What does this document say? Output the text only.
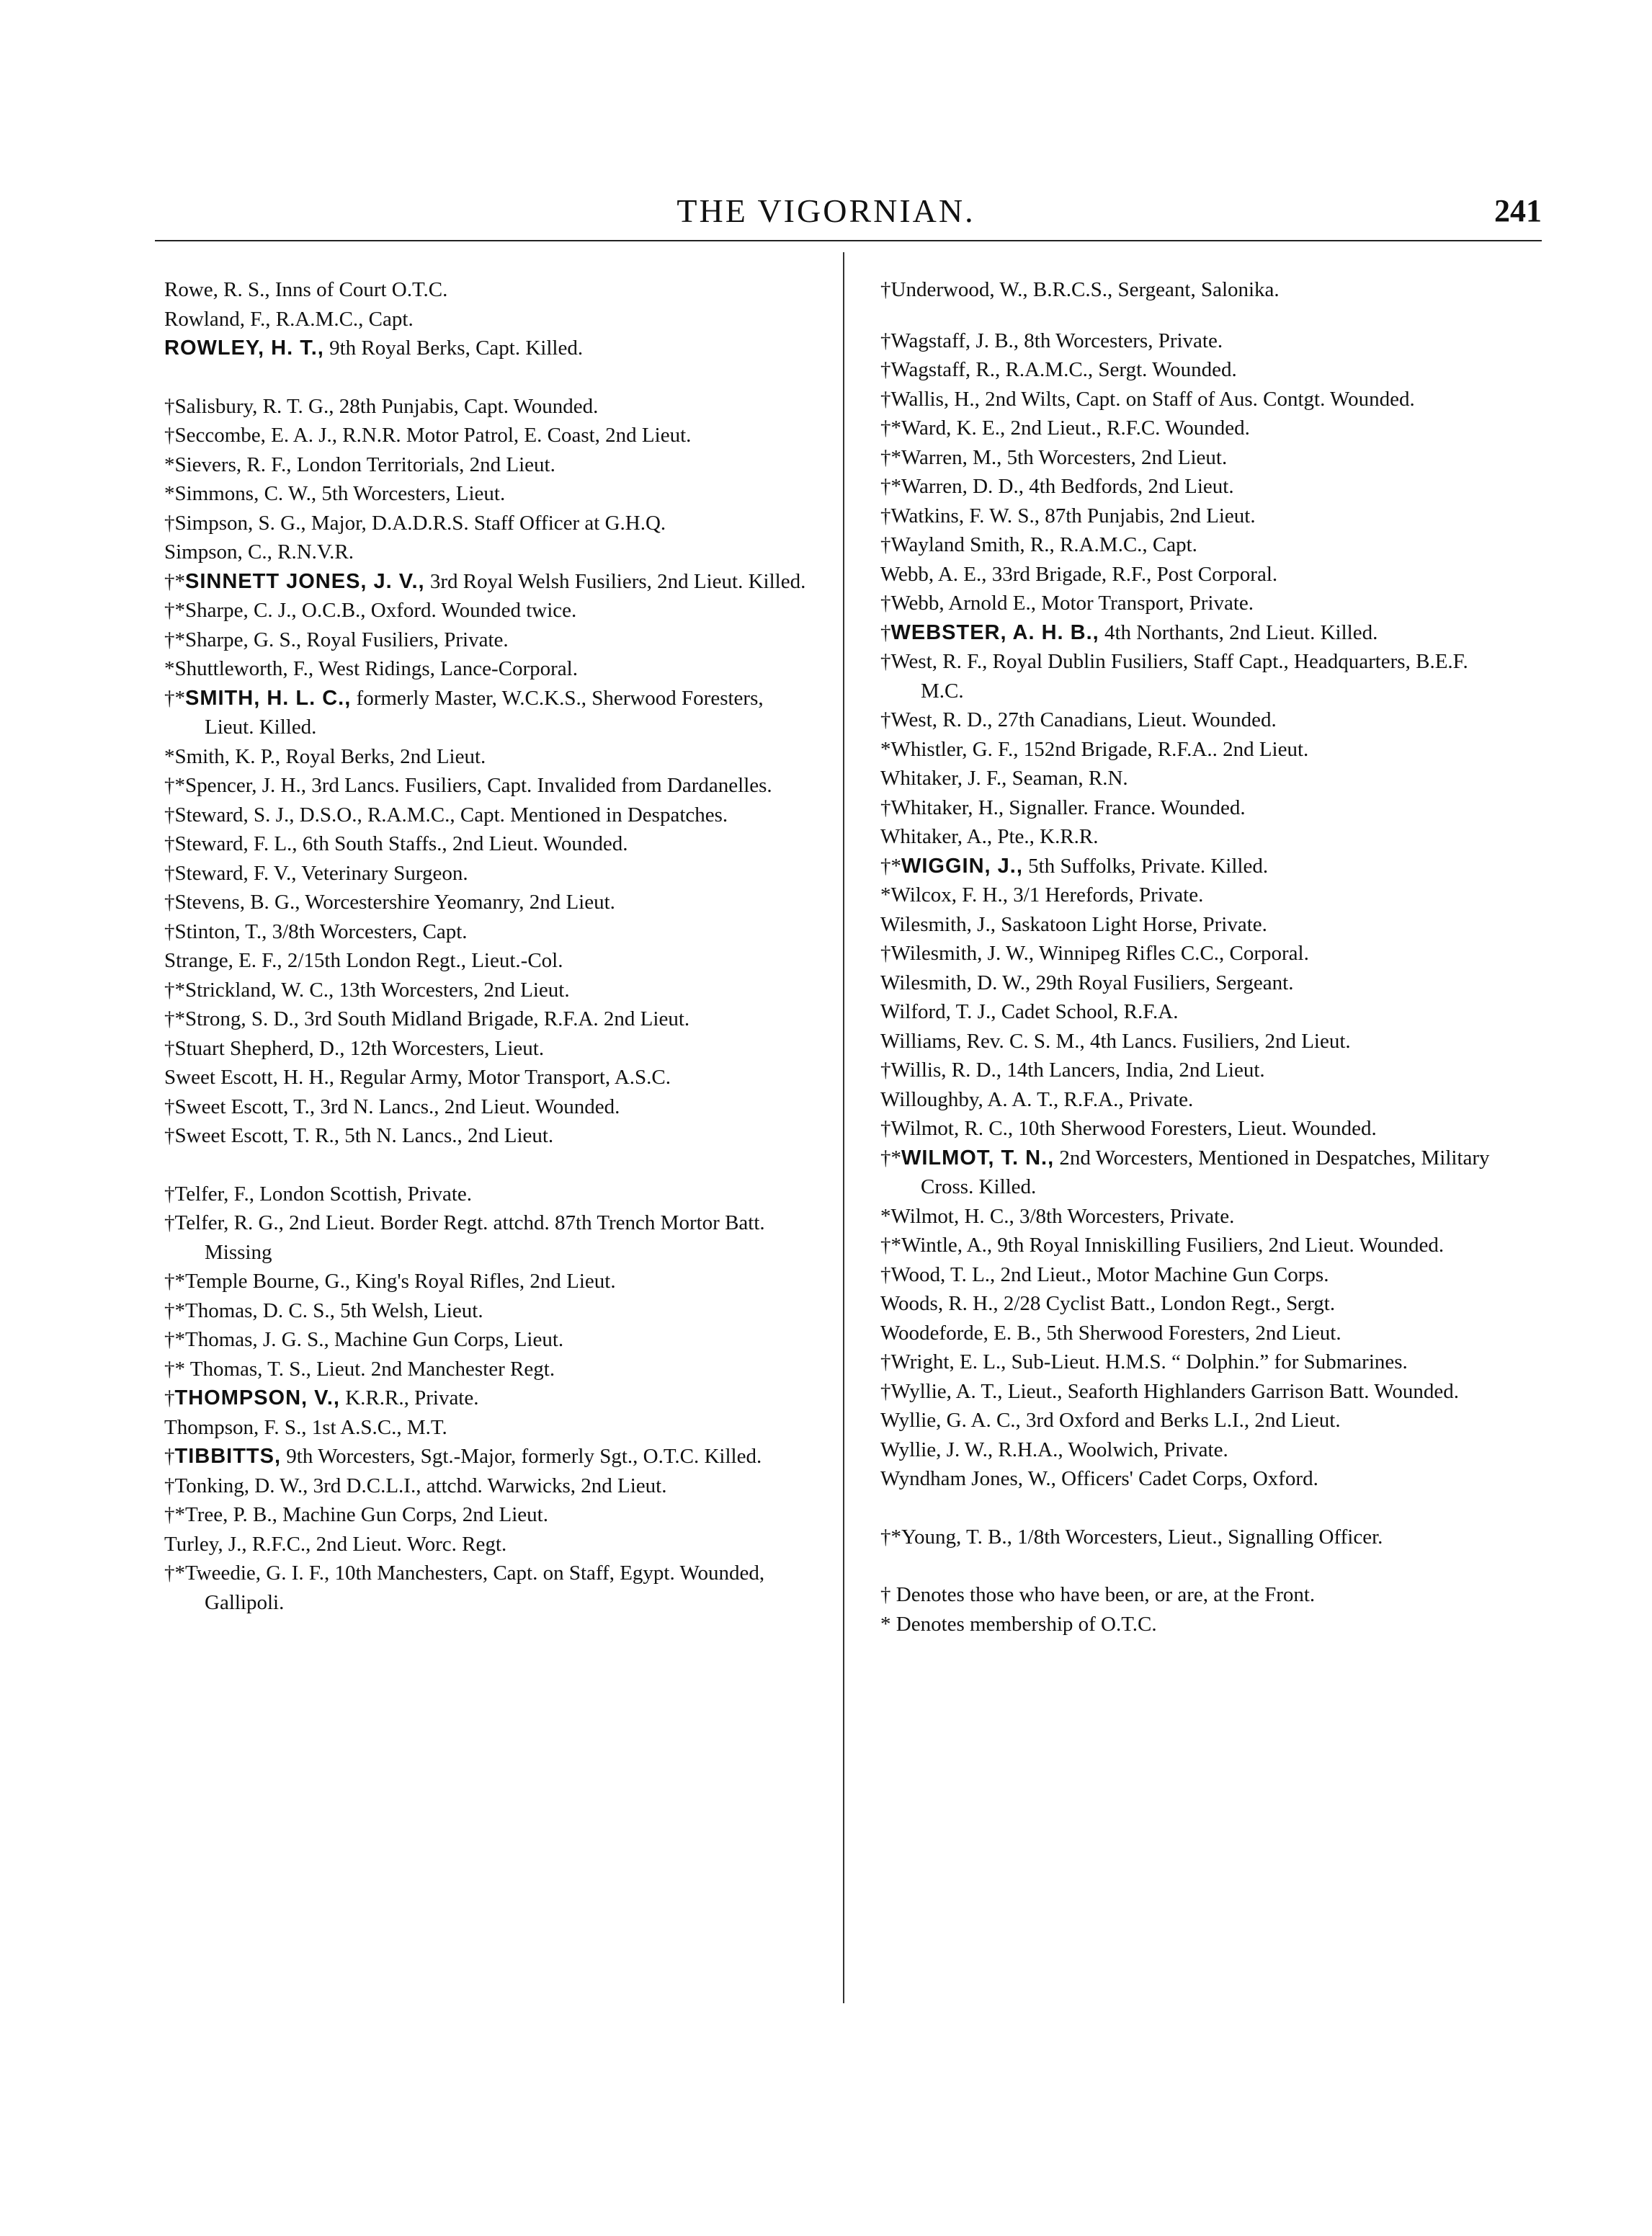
THE VIGORNIAN.	241

Rowe, R. S., Inns of Court O.T.C.

Rowland, F., R.A.M.C., Capt.

ROWLEY, H. T., 9th Royal Berks, Capt. Killed.

†Salisbury, R. T. G., 28th Punjabis, Capt. Wounded.

†Seccombe, E. A. J., R.N.R. Motor Patrol, E. Coast, 2nd Lieut.

*Sievers, R. F., London Territorials, 2nd Lieut.

*Simmons, C. W., 5th Worcesters, Lieut.

†Simpson, S. G., Major, D.A.D.R.S. Staff Officer at G.H.Q.

Simpson, C., R.N.V.R.

†*SINNETT JONES, J. V., 3rd Royal Welsh Fusiliers, 2nd Lieut. Killed.

†*Sharpe, C. J., O.C.B., Oxford. Wounded twice.

†*Sharpe, G. S., Royal Fusiliers, Private.

*Shuttleworth, F., West Ridings, Lance-Corporal.

†*SMITH, H. L. C., formerly Master, W.C.K.S., Sherwood Foresters, Lieut. Killed.

*Smith, K. P., Royal Berks, 2nd Lieut.

†*Spencer, J. H., 3rd Lancs. Fusiliers, Capt. Invalided from Dardanelles.

†Steward, S. J., D.S.O., R.A.M.C., Capt. Mentioned in Despatches.

†Steward, F. L., 6th South Staffs., 2nd Lieut. Wounded.

†Steward, F. V., Veterinary Surgeon.

†Stevens, B. G., Worcestershire Yeomanry, 2nd Lieut.

†Stinton, T., 3/8th Worcesters, Capt.

Strange, E. F., 2/15th London Regt., Lieut.-Col.

†*Strickland, W. C., 13th Worcesters, 2nd Lieut.

†*Strong, S. D., 3rd South Midland Brigade, R.F.A. 2nd Lieut.

†Stuart Shepherd, D., 12th Worcesters, Lieut.

Sweet Escott, H. H., Regular Army, Motor Transport, A.S.C.

†Sweet Escott, T., 3rd N. Lancs., 2nd Lieut. Wounded.

†Sweet Escott, T. R., 5th N. Lancs., 2nd Lieut.

†Telfer, F., London Scottish, Private.

†Telfer, R. G., 2nd Lieut. Border Regt. attchd. 87th Trench Mortor Batt. Missing

†*Temple Bourne, G., King's Royal Rifles, 2nd Lieut.

†*Thomas, D. C. S., 5th Welsh, Lieut.

†*Thomas, J. G. S., Machine Gun Corps, Lieut.

†* Thomas, T. S., Lieut. 2nd Manchester Regt.

†THOMPSON, V., K.R.R., Private.

Thompson, F. S., 1st A.S.C., M.T.

†TIBBITTS, 9th Worcesters, Sgt.-Major, formerly Sgt., O.T.C. Killed.

†Tonking, D. W., 3rd D.C.L.I., attchd. Warwicks, 2nd Lieut.

†*Tree, P. B., Machine Gun Corps, 2nd Lieut.

Turley, J., R.F.C., 2nd Lieut. Worc. Regt.

†*Tweedie, G. I. F., 10th Manchesters, Capt. on Staff, Egypt. Wounded, Gallipoli.

†Underwood, W., B.R.C.S., Sergeant, Salonika.

†Wagstaff, J. B., 8th Worcesters, Private.

†Wagstaff, R., R.A.M.C., Sergt. Wounded.

†Wallis, H., 2nd Wilts, Capt. on Staff of Aus. Contgt. Wounded.

†*Ward, K. E., 2nd Lieut., R.F.C. Wounded.

†*Warren, M., 5th Worcesters, 2nd Lieut.

†*Warren, D. D., 4th Bedfords, 2nd Lieut.

†Watkins, F. W. S., 87th Punjabis, 2nd Lieut.

†Wayland Smith, R., R.A.M.C., Capt.

Webb, A. E., 33rd Brigade, R.F., Post Corporal.

†Webb, Arnold E., Motor Transport, Private.

†WEBSTER, A. H. B., 4th Northants, 2nd Lieut. Killed.

†West, R. F., Royal Dublin Fusiliers, Staff Capt., Headquarters, B.E.F. M.C.

†West, R. D., 27th Canadians, Lieut. Wounded.

*Whistler, G. F., 152nd Brigade, R.F.A.. 2nd Lieut.

Whitaker, J. F., Seaman, R.N.

†Whitaker, H., Signaller. France. Wounded.

Whitaker, A., Pte., K.R.R.

†*WIGGIN, J., 5th Suffolks, Private. Killed.

*Wilcox, F. H., 3/1 Herefords, Private.

Wilesmith, J., Saskatoon Light Horse, Private.

†Wilesmith, J. W., Winnipeg Rifles C.C., Corporal.

Wilesmith, D. W., 29th Royal Fusiliers, Sergeant.

Wilford, T. J., Cadet School, R.F.A.

Williams, Rev. C. S. M., 4th Lancs. Fusiliers, 2nd Lieut.

†Willis, R. D., 14th Lancers, India, 2nd Lieut.

Willoughby, A. A. T., R.F.A., Private.

†Wilmot, R. C., 10th Sherwood Foresters, Lieut. Wounded.

†*WILMOT, T. N., 2nd Worcesters, Mentioned in Despatches, Military Cross. Killed.

*Wilmot, H. C., 3/8th Worcesters, Private.

†*Wintle, A., 9th Royal Inniskilling Fusiliers, 2nd Lieut. Wounded.

†Wood, T. L., 2nd Lieut., Motor Machine Gun Corps.

Woods, R. H., 2/28 Cyclist Batt., London Regt., Sergt.

Woodeforde, E. B., 5th Sherwood Foresters, 2nd Lieut.

†Wright, E. L., Sub-Lieut. H.M.S. “ Dolphin.” for Submarines.

†Wyllie, A. T., Lieut., Seaforth Highlanders Garrison Batt. Wounded.

Wyllie, G. A. C., 3rd Oxford and Berks L.I., 2nd Lieut.

Wyllie, J. W., R.H.A., Woolwich, Private.

Wyndham Jones, W., Officers' Cadet Corps, Oxford.

†*Young, T. B., 1/8th Worcesters, Lieut., Signalling Officer.

† Denotes those who have been, or are, at the Front.

* Denotes membership of O.T.C.
